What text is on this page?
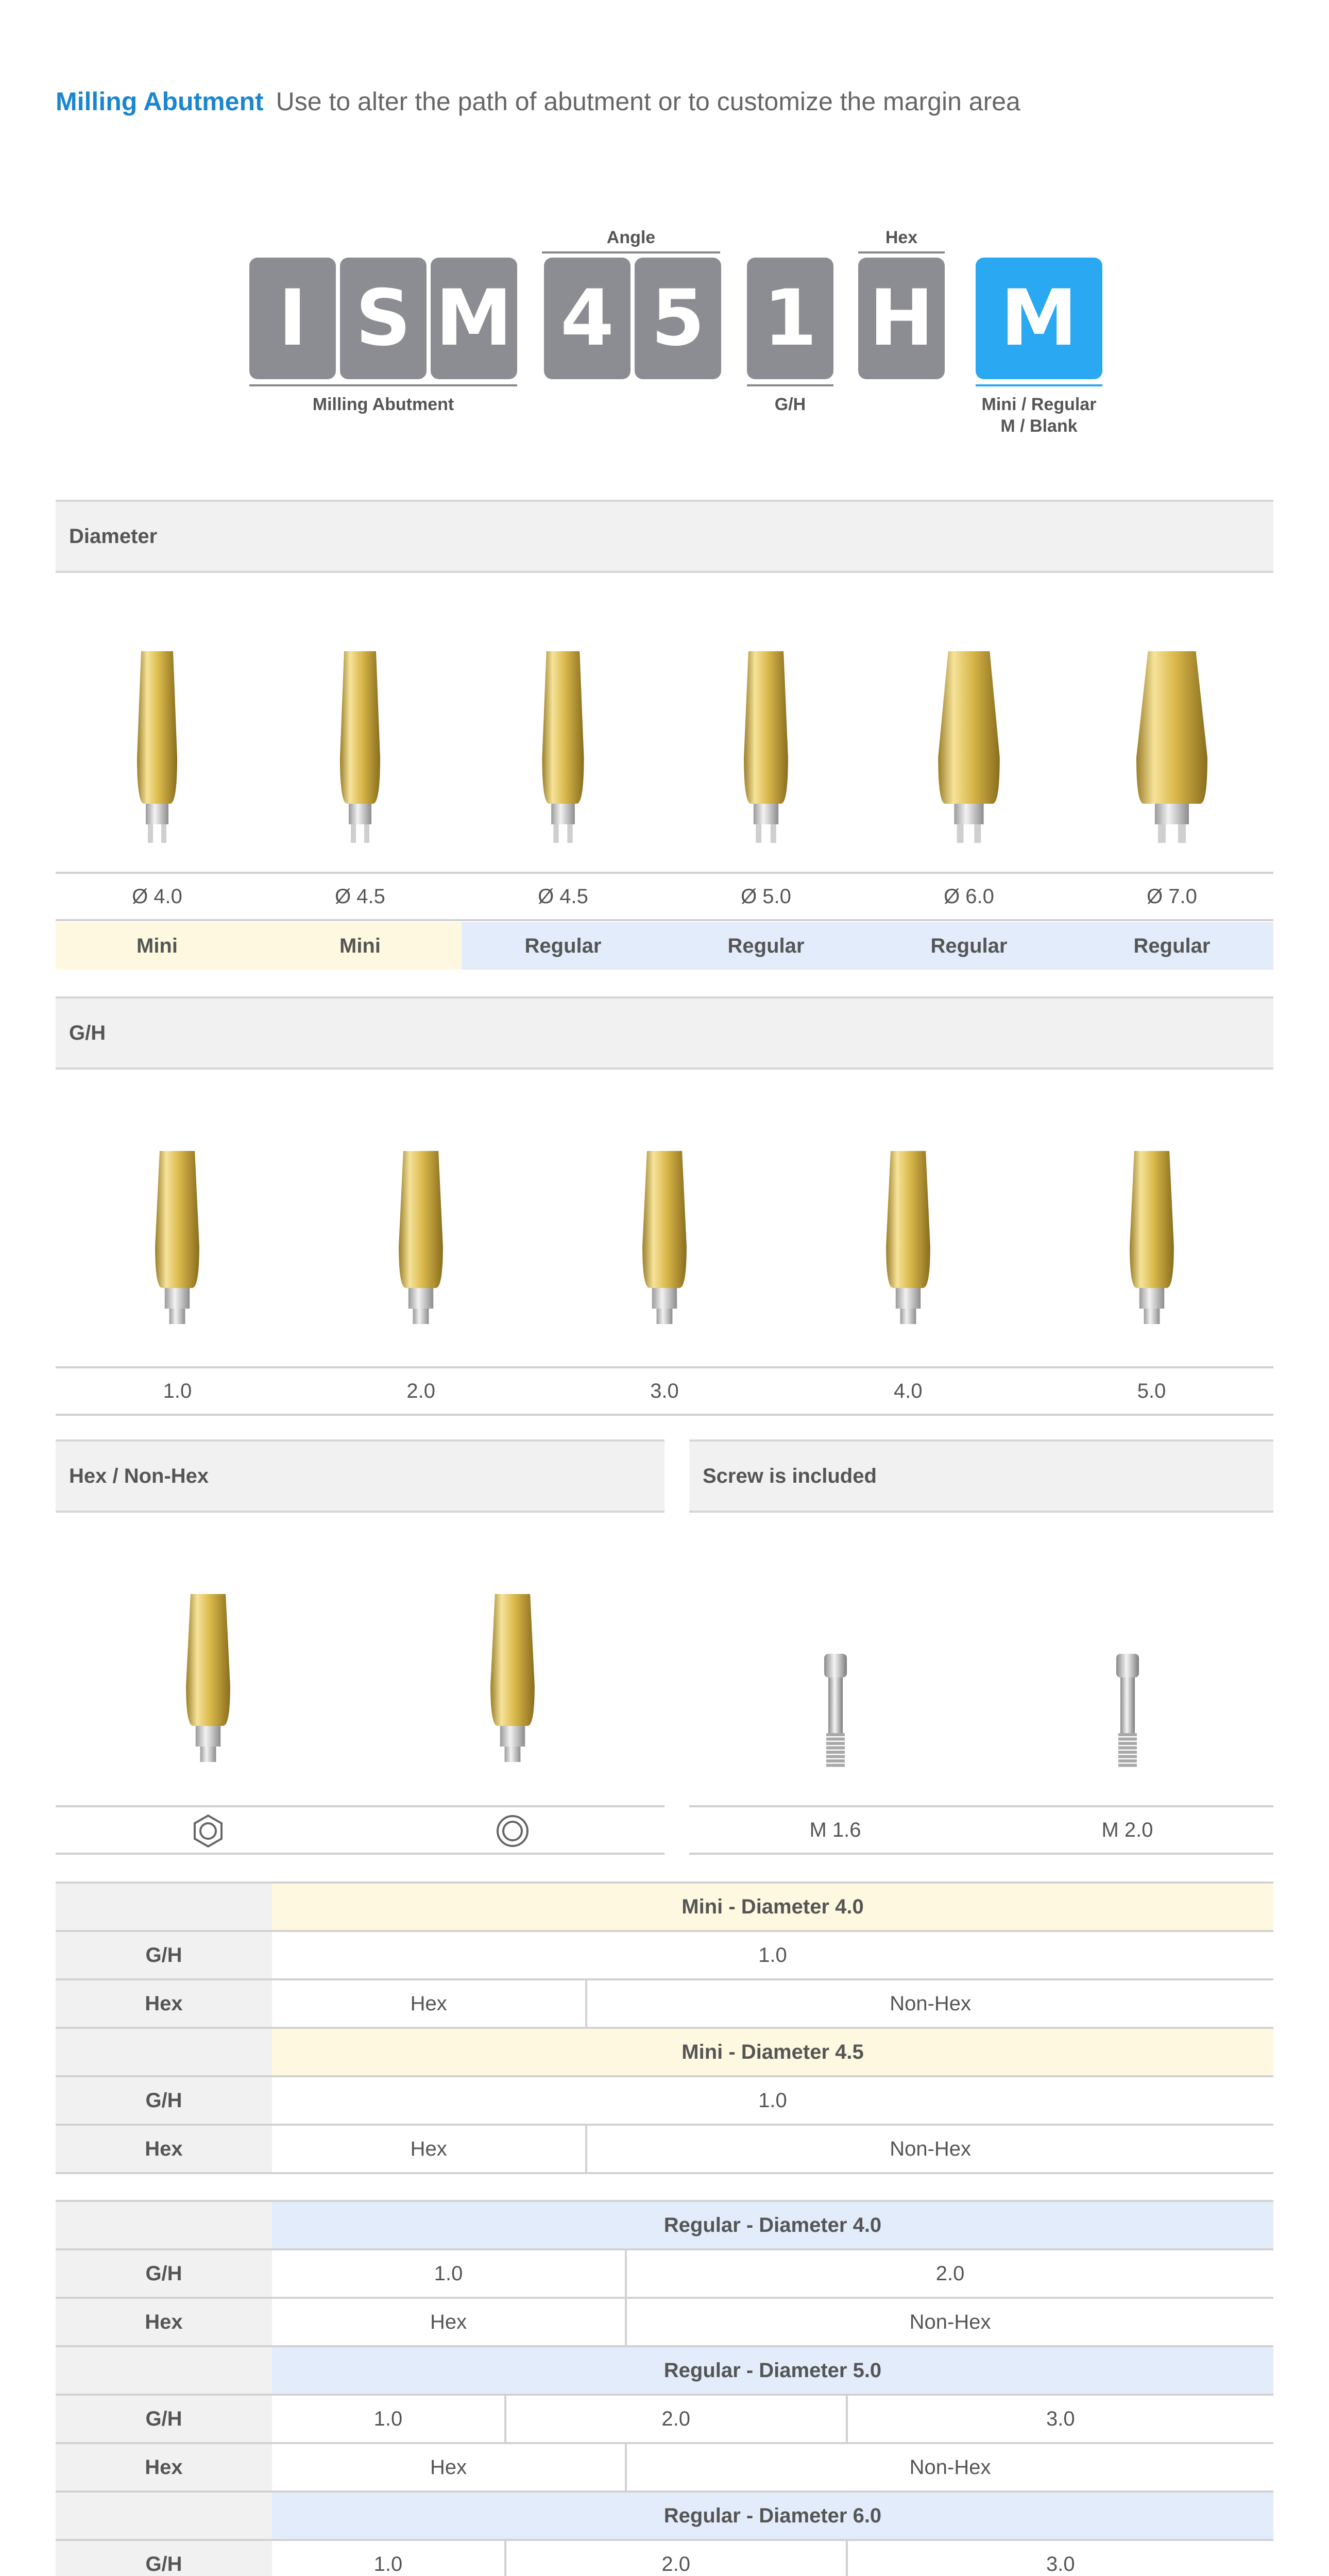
Milling Abutment Use to alter the path of abutment or to customize the margin area
Angle	Hex
I S M 4 5 1 H M
Milling Abutment	G/H	Mini / Regular
M / Blank
Diameter
Ø 4.0	Ø 4.5	Ø 4.5	Ø 5.0	Ø 6.0	Ø 7.0
Mini	Mini	Regular	Regular	Regular	Regular
G/H
1.0	2.0	3.0	4.0	5.0
Hex / Non-Hex	Screw is included
M 1.6	M 2.0
	Mini - Diameter 4.0	
G/H	1.0	
Hex	Hex	Non-Hex
	Mini - Diameter 4.5	
G/H	1.0	
Hex	Hex	Non-Hex
	Regular - Diameter 4.0			
G/H	1.0		2.0	
Hex	Hex		Non-Hex	
	Regular - Diameter 5.0			
G/H	1.0	2.0		3.0
Hex	Hex		Non-Hex	
	Regular - Diameter 6.0			
G/H	1.0	2.0		3.0
